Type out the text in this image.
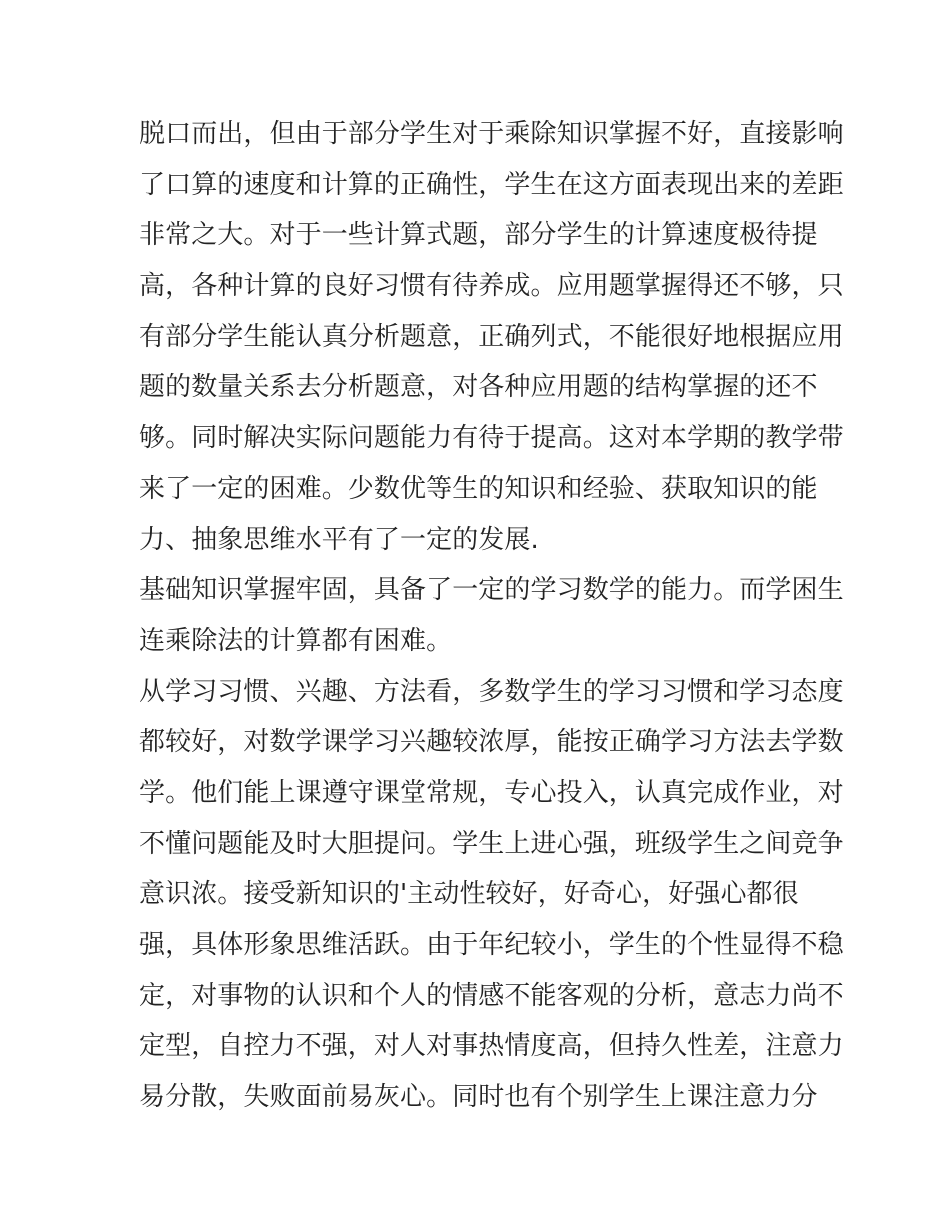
脱口而出，但由于部分学生对于乘除知识掌握不好，直接影响
了口算的速度和计算的正确性，学生在这方面表现出来的差距
非常之大。对于一些计算式题，部分学生的计算速度极待提
高，各种计算的良好习惯有待养成。应用题掌握得还不够，只
有部分学生能认真分析题意，正确列式，不能很好地根据应用
题的数量关系去分析题意，对各种应用题的结构掌握的还不
够。同时解决实际问题能力有待于提高。这对本学期的教学带
来了一定的困难。少数优等生的知识和经验、获取知识的能
力、抽象思维水平有了一定的发展.
基础知识掌握牢固，具备了一定的学习数学的能力。而学困生
连乘除法的计算都有困难。
从学习习惯、兴趣、方法看，多数学生的学习习惯和学习态度
都较好，对数学课学习兴趣较浓厚，能按正确学习方法去学数
学。他们能上课遵守课堂常规，专心投入，认真完成作业，对
不懂问题能及时大胆提问。学生上进心强，班级学生之间竞争
意识浓。接受新知识的'主动性较好，好奇心，好强心都很
强，具体形象思维活跃。由于年纪较小，学生的个性显得不稳
定，对事物的认识和个人的情感不能客观的分析，意志力尚不
定型，自控力不强，对人对事热情度高，但持久性差，注意力
易分散，失败面前易灰心。同时也有个别学生上课注意力分
